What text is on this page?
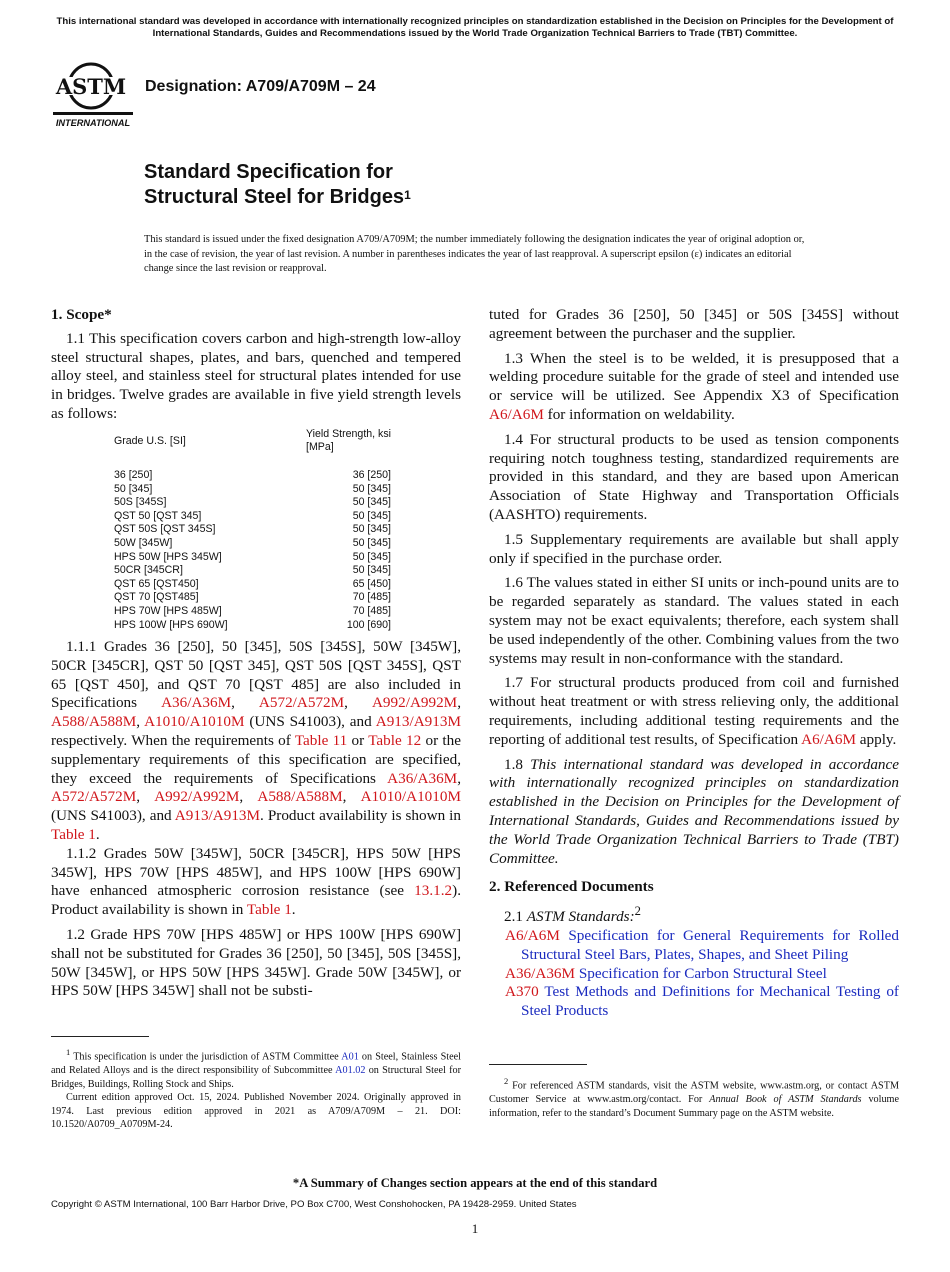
This international standard was developed in accordance with internationally recognized principles on standardization established in the Decision on Principles for the Development of International Standards, Guides and Recommendations issued by the World Trade Organization Technical Barriers to Trade (TBT) Committee.
ASTM
INTERNATIONAL
Designation: A709/A709M – 24
Standard Specification for
Structural Steel for Bridges$^1$
This standard is issued under the fixed designation A709/A709M; the number immediately following the designation indicates the year of original adoption or, in the case of revision, the year of last revision. A number in parentheses indicates the year of last reapproval. A superscript epsilon (ε) indicates an editorial change since the last revision or reapproval.
1. Scope*

1.1 This specification covers carbon and high-strength low-alloy steel structural shapes, plates, and bars, quenched and tempered alloy steel, and stainless steel for structural plates intended for use in bridges. Twelve grades are available in five yield strength levels as follows:

Grade U.S. [SI]	Yield Strength, ksi [MPa]
36 [250]	36 [250]
50 [345]	50 [345]
50S [345S]	50 [345]
QST 50 [QST 345]	50 [345]
QST 50S [QST 345S]	50 [345]
50W [345W]	50 [345]
HPS 50W [HPS 345W]	50 [345]
50CR [345CR]	50 [345]
QST 65 [QST450]	65 [450]
QST 70 [QST485]	70 [485]
HPS 70W [HPS 485W]	70 [485]
HPS 100W [HPS 690W]	100 [690]

1.1.1 Grades 36 [250], 50 [345], 50S [345S], 50W [345W], 50CR [345CR], QST 50 [QST 345], QST 50S [QST 345S], QST 65 [QST 450], and QST 70 [QST 485] are also included in Specifications A36/A36M, A572/A572M, A992/A992M, A588/A588M, A1010/A1010M (UNS S41003), and A913/A913M respectively. When the requirements of Table 11 or Table 12 or the supplementary requirements of this specification are specified, they exceed the requirements of Specifications A36/A36M, A572/A572M, A992/A992M, A588/A588M, A1010/A1010M (UNS S41003), and A913/A913M. Product availability is shown in Table 1.

1.1.2 Grades 50W [345W], 50CR [345CR], HPS 50W [HPS 345W], HPS 70W [HPS 485W], and HPS 100W [HPS 690W] have enhanced atmospheric corrosion resistance (see 13.1.2). Product availability is shown in Table 1.

1.2 Grade HPS 70W [HPS 485W] or HPS 100W [HPS 690W] shall not be substituted for Grades 36 [250], 50 [345], 50S [345S], 50W [345W], or HPS 50W [HPS 345W]. Grade 50W [345W], or HPS 50W [HPS 345W] shall not be substi-

$^1$ This specification is under the jurisdiction of ASTM Committee A01 on Steel, Stainless Steel and Related Alloys and is the direct responsibility of Subcommittee A01.02 on Structural Steel for Bridges, Buildings, Rolling Stock and Ships.

Current edition approved Oct. 15, 2024. Published November 2024. Originally approved in 1974. Last previous edition approved in 2021 as A709/A709M – 21. DOI: 10.1520/A0709_A0709M-24.

tuted for Grades 36 [250], 50 [345] or 50S [345S] without agreement between the purchaser and the supplier.

1.3 When the steel is to be welded, it is presupposed that a welding procedure suitable for the grade of steel and intended use or service will be utilized. See Appendix X3 of Specification A6/A6M for information on weldability.

1.4 For structural products to be used as tension components requiring notch toughness testing, standardized requirements are provided in this standard, and they are based upon American Association of State Highway and Transportation Officials (AASHTO) requirements.

1.5 Supplementary requirements are available but shall apply only if specified in the purchase order.

1.6 The values stated in either SI units or inch-pound units are to be regarded separately as standard. The values stated in each system may not be exact equivalents; therefore, each system shall be used independently of the other. Combining values from the two systems may result in non-conformance with the standard.

1.7 For structural products produced from coil and furnished without heat treatment or with stress relieving only, the additional requirements, including additional testing requirements and the reporting of additional test results, of Specification A6/A6M apply.

1.8 This international standard was developed in accordance with internationally recognized principles on standardization established in the Decision on Principles for the Development of International Standards, Guides and Recommendations issued by the World Trade Organization Technical Barriers to Trade (TBT) Committee.

2. Referenced Documents

2.1 ASTM Standards:$^2$

A6/A6M Specification for General Requirements for Rolled Structural Steel Bars, Plates, Shapes, and Sheet Piling

A36/A36M Specification for Carbon Structural Steel

A370 Test Methods and Definitions for Mechanical Testing of Steel Products

$^2$ For referenced ASTM standards, visit the ASTM website, www.astm.org, or contact ASTM Customer Service at www.astm.org/contact. For Annual Book of ASTM Standards volume information, refer to the standard’s Document Summary page on the ASTM website.

*A Summary of Changes section appears at the end of this standard
Copyright © ASTM International, 100 Barr Harbor Drive, PO Box C700, West Conshohocken, PA 19428-2959. United States
1
